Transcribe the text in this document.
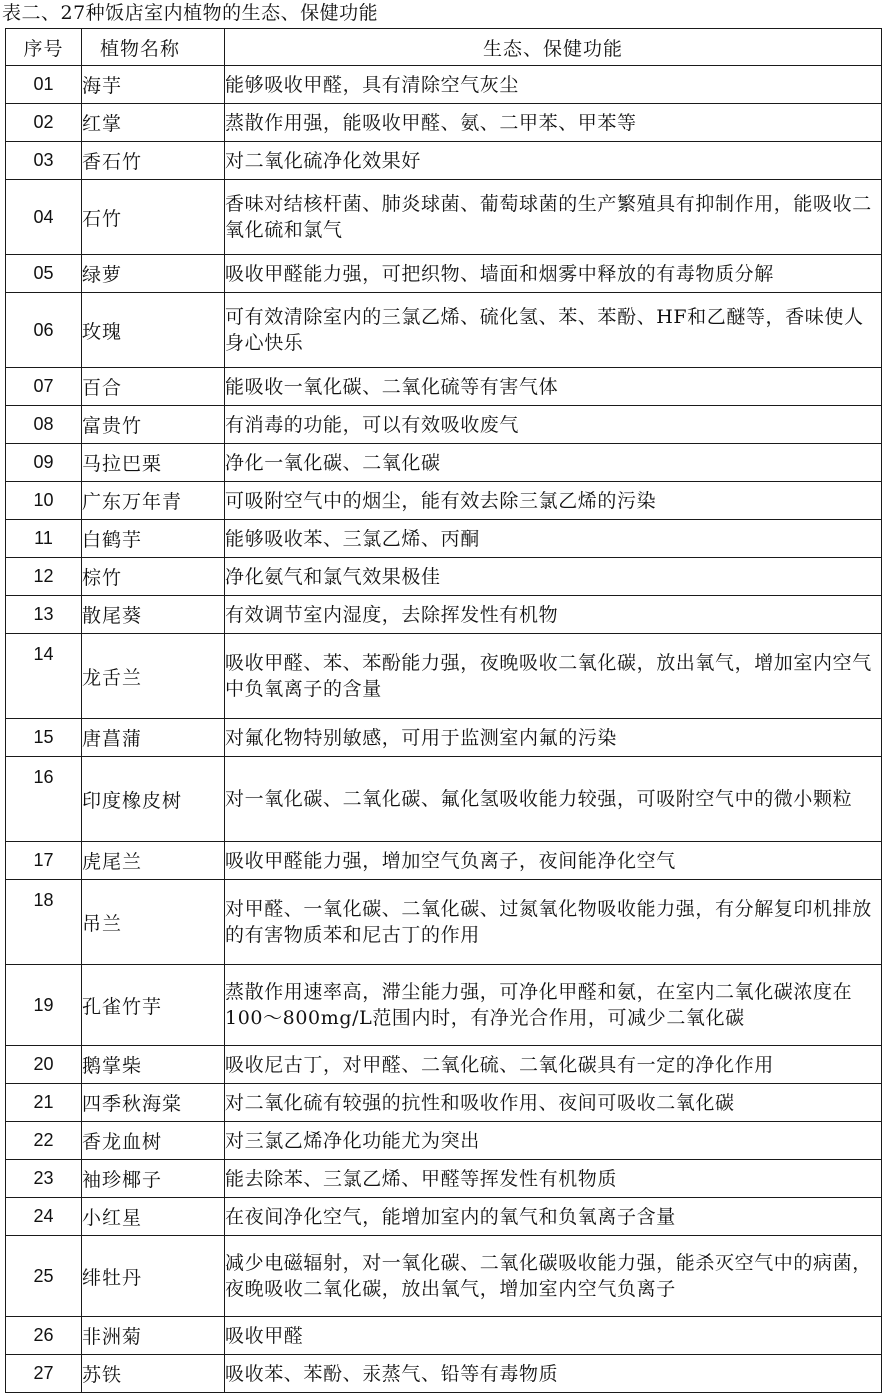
表二、27种饭店室内植物的生态、保健功能
序号	植物名称	生态、保健功能
01	海芋	能够吸收甲醛，具有清除空气灰尘
02	红掌	蒸散作用强，能吸收甲醛、氨、二甲苯、甲苯等
03	香石竹	对二氧化硫净化效果好
04	石竹	香味对结核杆菌、肺炎球菌、葡萄球菌的生产繁殖具有抑制作用，能吸收二氧化硫和氯气
05	绿萝	吸收甲醛能力强，可把织物、墙面和烟雾中释放的有毒物质分解
06	玫瑰	可有效清除室内的三氯乙烯、硫化氢、苯、苯酚、HF和乙醚等，香味使人身心快乐
07	百合	能吸收一氧化碳、二氧化硫等有害气体
08	富贵竹	有消毒的功能，可以有效吸收废气
09	马拉巴栗	净化一氧化碳、二氧化碳
10	广东万年青	可吸附空气中的烟尘，能有效去除三氯乙烯的污染
11	白鹤芋	能够吸收苯、三氯乙烯、丙酮
12	棕竹	净化氨气和氯气效果极佳
13	散尾葵	有效调节室内湿度，去除挥发性有机物
14	龙舌兰	吸收甲醛、苯、苯酚能力强，夜晚吸收二氧化碳，放出氧气，增加室内空气中负氧离子的含量
15	唐菖蒲	对氟化物特别敏感，可用于监测室内氟的污染
16	印度橡皮树	对一氧化碳、二氧化碳、氟化氢吸收能力较强，可吸附空气中的微小颗粒
17	虎尾兰	吸收甲醛能力强，增加空气负离子，夜间能净化空气
18	吊兰	对甲醛、一氧化碳、二氧化碳、过氮氧化物吸收能力强，有分解复印机排放的有害物质苯和尼古丁的作用
19	孔雀竹芋	蒸散作用速率高，滞尘能力强，可净化甲醛和氨，在室内二氧化碳浓度在100～800mg/L范围内时，有净光合作用，可减少二氧化碳
20	鹅掌柴	吸收尼古丁，对甲醛、二氧化硫、二氧化碳具有一定的净化作用
21	四季秋海棠	对二氧化硫有较强的抗性和吸收作用、夜间可吸收二氧化碳
22	香龙血树	对三氯乙烯净化功能尤为突出
23	袖珍椰子	能去除苯、三氯乙烯、甲醛等挥发性有机物质
24	小红星	在夜间净化空气，能增加室内的氧气和负氧离子含量
25	绯牡丹	减少电磁辐射，对一氧化碳、二氧化碳吸收能力强，能杀灭空气中的病菌，夜晚吸收二氧化碳，放出氧气，增加室内空气负离子
26	非洲菊	吸收甲醛
27	苏铁	吸收苯、苯酚、汞蒸气、铅等有毒物质
